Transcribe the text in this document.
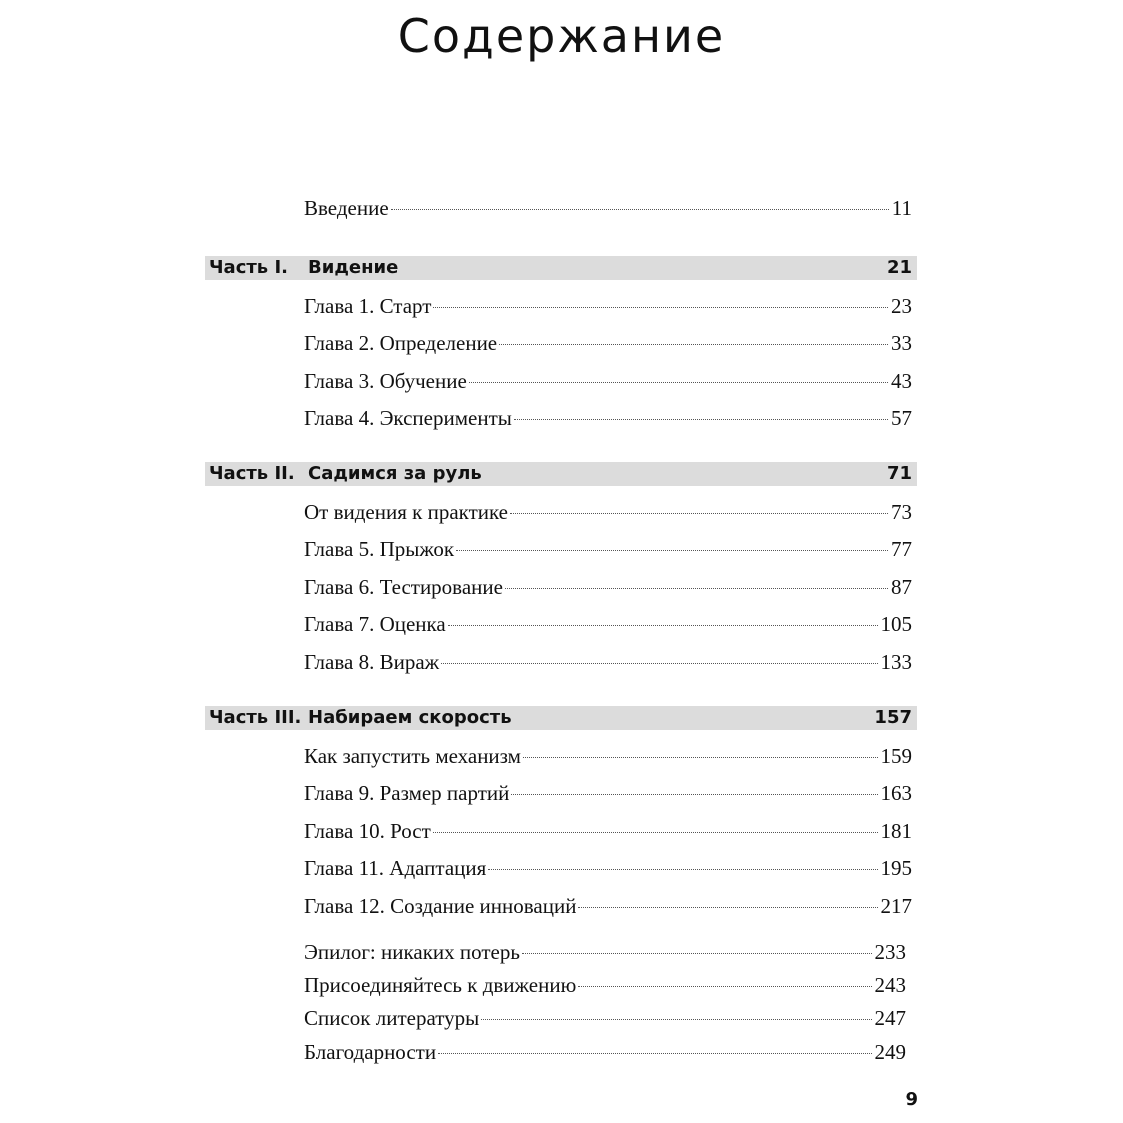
Содержание
Введение	11
Часть I.	Видение	21
Глава 1. Старт	23
Глава 2. Определение	33
Глава 3. Обучение	43
Глава 4. Эксперименты	57
Часть II. Садимся за руль	71
От видения к практике	73
Глава 5. Прыжок	77
Глава 6. Тестирование	87
Глава 7. Оценка	105
Глава 8. Вираж	133
Часть III. Набираем скорость	157
Как запустить механизм	159
Глава 9. Размер партий	163
Глава 10. Рост	181
Глава 11. Адаптация	195
Глава 12. Создание инноваций	217
Эпилог: никаких потерь	233
Присоединяйтесь к движению	243
Список литературы	247
Благодарности	249
9
